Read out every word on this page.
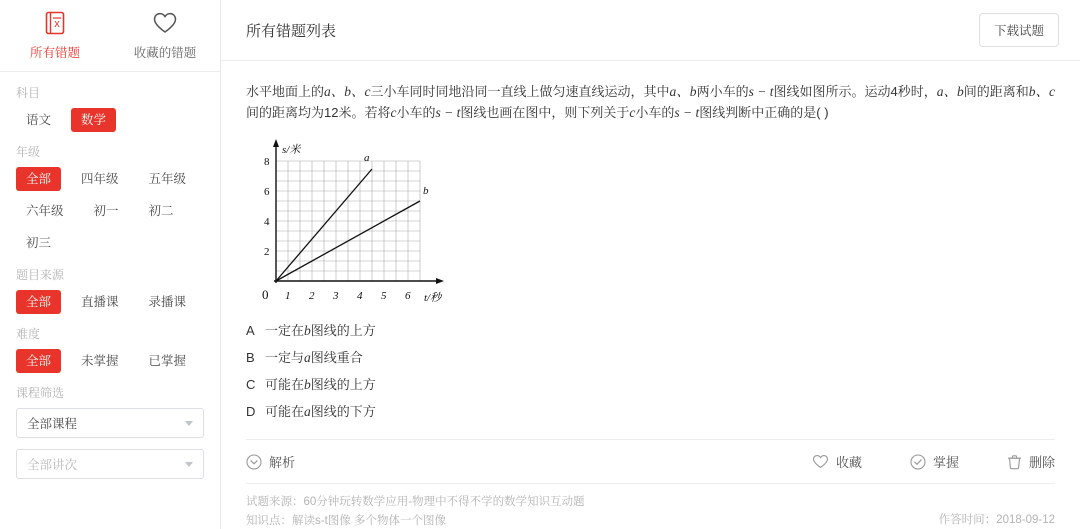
x
所有错题	收藏的错题
科目
语文	数学
年级
全部	四年级	五年级
六年级	初一	初二
初三
题目来源
全部	直播课	录播课
难度
全部	未掌握	已掌握
课程筛选
全部课程
全部讲次
所有错题列表	下载试题
水平地面上的a、b、c三小车同时同地沿同一直线上做匀速直线运动，其中a、b两小车的s − t图线如图所示。运动4秒时，a、b间的距离和b、c间的距离均为12米。若将c小车的s − t图线也画在图中，则下列关于c小车的s − t图线判断中正确的是( )
s/米
t/秒
8
6
4
2
0 1 2 3 4 5 6
a
b
A 一定在b图线的上方
B 一定与a图线重合
C 可能在b图线的上方
D 可能在a图线的下方
解析	收藏	掌握	删除
试题来源：60分钟玩转数学应用-物理中不得不学的数学知识互动题
知识点：解读s-t图像 多个物体一个图像	作答时间：2018-09-12
